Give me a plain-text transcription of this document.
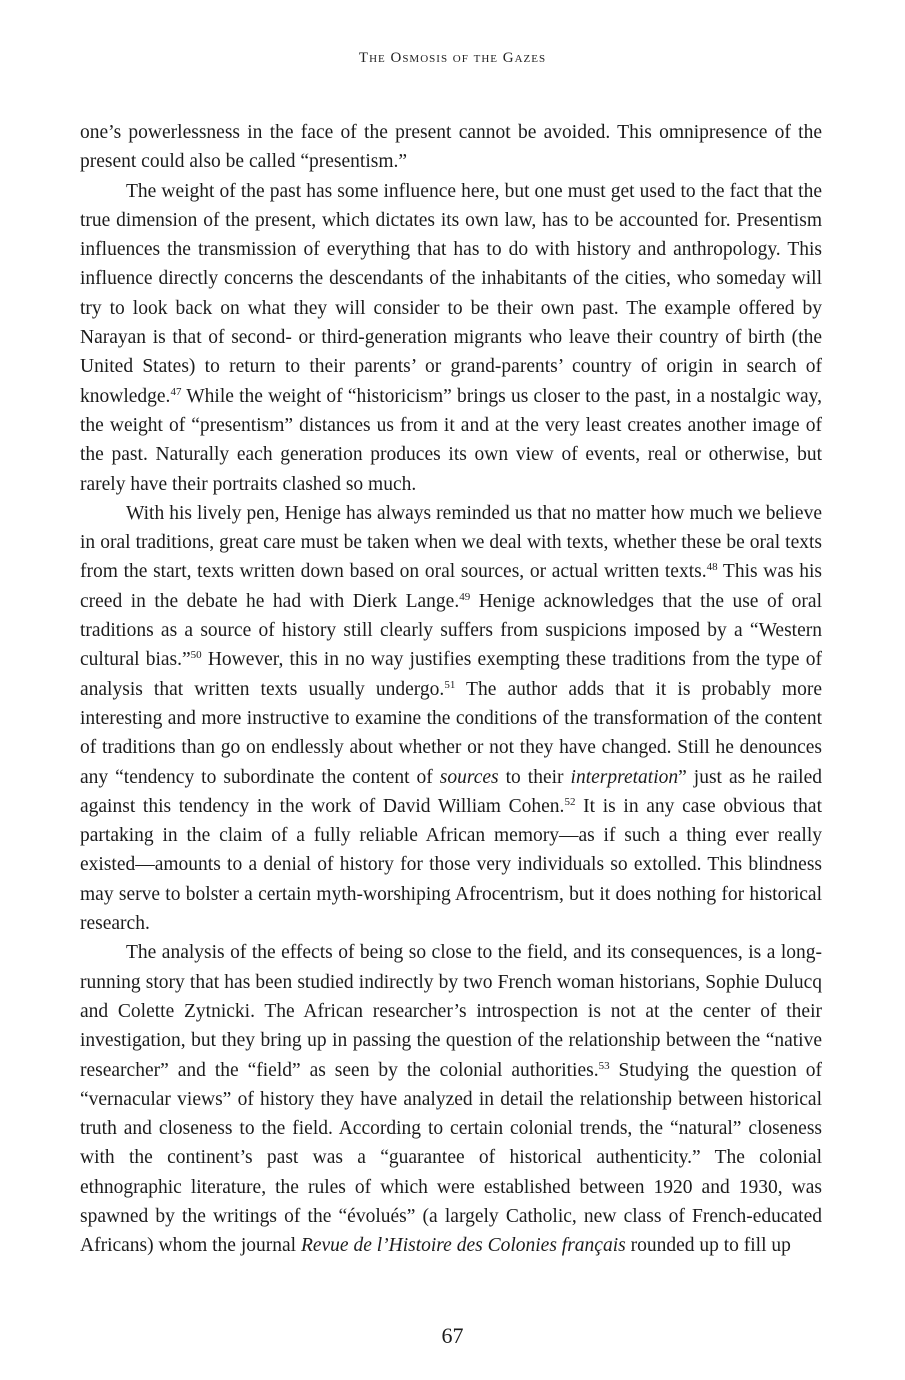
The Osmosis of the Gazes

one’s powerlessness in the face of the present cannot be avoided. This omnipresence of the present could also be called “presentism.”

The weight of the past has some influence here, but one must get used to the fact that the true dimension of the present, which dictates its own law, has to be accounted for. Presentism influences the transmission of everything that has to do with history and anthropology. This influence directly concerns the descendants of the inhabitants of the cities, who someday will try to look back on what they will consider to be their own past. The example offered by Narayan is that of second- or third-generation migrants who leave their country of birth (the United States) to return to their parents’ or grand-parents’ country of origin in search of knowledge.$^{47}$ While the weight of “historicism” brings us closer to the past, in a nostalgic way, the weight of “presentism” distances us from it and at the very least creates another image of the past. Naturally each generation produces its own view of events, real or otherwise, but rarely have their portraits clashed so much.

With his lively pen, Henige has always reminded us that no matter how much we believe in oral traditions, great care must be taken when we deal with texts, whether these be oral texts from the start, texts written down based on oral sources, or actual written texts.$^{48}$ This was his creed in the debate he had with Dierk Lange.$^{49}$ Henige acknowledges that the use of oral traditions as a source of history still clearly suffers from suspicions imposed by a “Western cultural bias.”$^{50}$ However, this in no way justifies exempting these traditions from the type of analysis that written texts usually undergo.$^{51}$ The author adds that it is probably more interesting and more instructive to examine the conditions of the transformation of the content of traditions than go on endlessly about whether or not they have changed. Still he denounces any “tendency to subordinate the content of sources to their interpretation” just as he railed against this tendency in the work of David William Cohen.$^{52}$ It is in any case obvious that partaking in the claim of a fully reliable African memory—as if such a thing ever really existed—amounts to a denial of history for those very individuals so extolled. This blindness may serve to bolster a certain myth-worshiping Afrocentrism, but it does nothing for historical research.

The analysis of the effects of being so close to the field, and its consequences, is a long-running story that has been studied indirectly by two French woman historians, Sophie Dulucq and Colette Zytnicki. The African researcher’s introspection is not at the center of their investigation, but they bring up in passing the question of the relationship between the “native researcher” and the “field” as seen by the colonial authorities.$^{53}$ Studying the question of “vernacular views” of history they have analyzed in detail the relationship between historical truth and closeness to the field. According to certain colonial trends, the “natural” closeness with the continent’s past was a “guarantee of historical authenticity.” The colonial ethnographic literature, the rules of which were established between 1920 and 1930, was spawned by the writings of the “évolués” (a largely Catholic, new class of French-educated Africans) whom the journal Revue de l’Histoire des Colonies français rounded up to fill up

67
